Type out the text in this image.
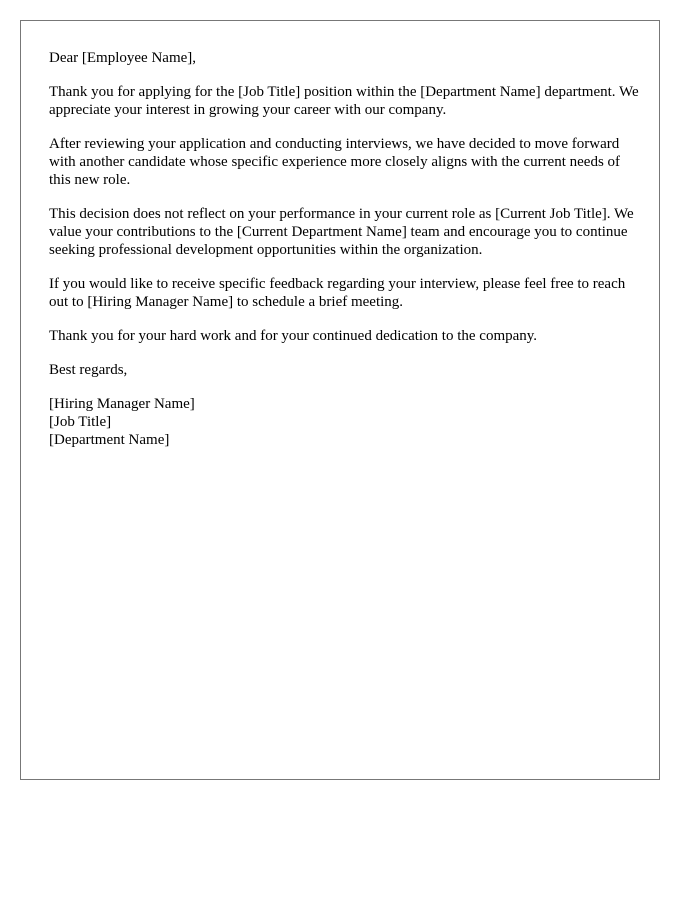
Dear [Employee Name],

Thank you for applying for the [Job Title] position within the [Department Name] department. We appreciate your interest in growing your career with our company.

After reviewing your application and conducting interviews, we have decided to move forward with another candidate whose specific experience more closely aligns with the current needs of this new role.

This decision does not reflect on your performance in your current role as [Current Job Title]. We value your contributions to the [Current Department Name] team and encourage you to continue seeking professional development opportunities within the organization.

If you would like to receive specific feedback regarding your interview, please feel free to reach out to [Hiring Manager Name] to schedule a brief meeting.

Thank you for your hard work and for your continued dedication to the company.

Best regards,

[Hiring Manager Name]
[Job Title]
[Department Name]
